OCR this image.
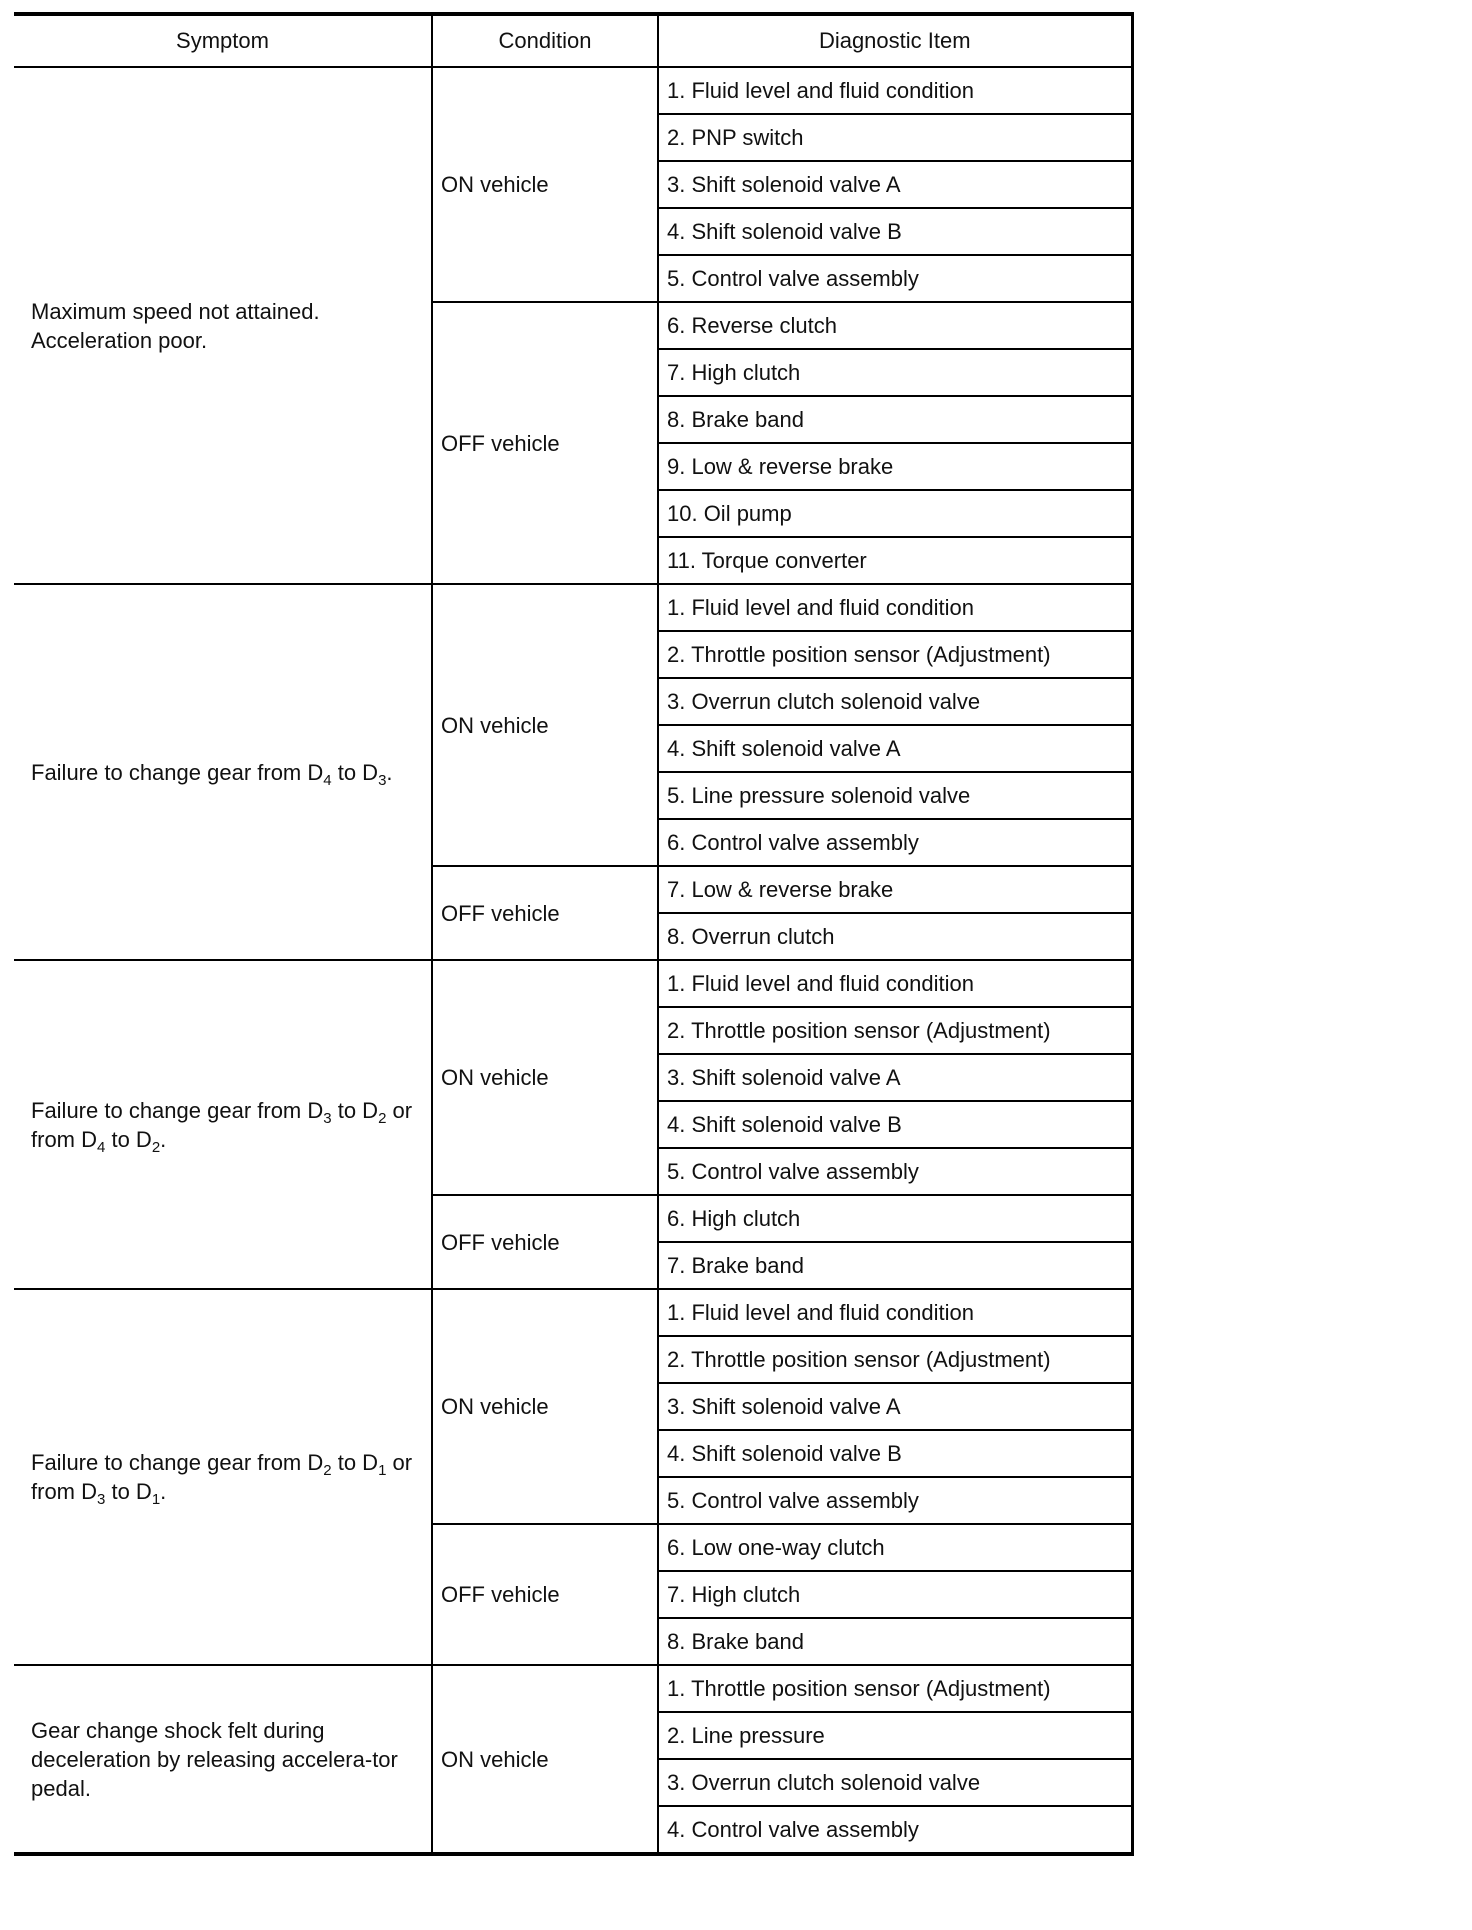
Symptom	Condition	Diagnostic Item
Maximum speed not attained.
Acceleration poor.	ON vehicle	1. Fluid level and fluid condition
		2. PNP switch
		3. Shift solenoid valve A
		4. Shift solenoid valve B
		5. Control valve assembly
	OFF vehicle	6. Reverse clutch
		7. High clutch
		8. Brake band
		9. Low & reverse brake
		10. Oil pump
		11. Torque converter
Failure to change gear from $D_4$ to $D_3$.	ON vehicle	1. Fluid level and fluid condition
		2. Throttle position sensor (Adjustment)
		3. Overrun clutch solenoid valve
		4. Shift solenoid valve A
		5. Line pressure solenoid valve
		6. Control valve assembly
	OFF vehicle	7. Low & reverse brake
		8. Overrun clutch
Failure to change gear from $D_3$ to $D_2$ or from $D_4$ to $D_2$.	ON vehicle	1. Fluid level and fluid condition
		2. Throttle position sensor (Adjustment)
		3. Shift solenoid valve A
		4. Shift solenoid valve B
		5. Control valve assembly
	OFF vehicle	6. High clutch
		7. Brake band
Failure to change gear from $D_2$ to $D_1$ or from $D_3$ to $D_1$.	ON vehicle	1. Fluid level and fluid condition
		2. Throttle position sensor (Adjustment)
		3. Shift solenoid valve A
		4. Shift solenoid valve B
		5. Control valve assembly
	OFF vehicle	6. Low one-way clutch
		7. High clutch
		8. Brake band
Gear change shock felt during deceleration by releasing accelera-tor pedal.	ON vehicle	1. Throttle position sensor (Adjustment)
		2. Line pressure
		3. Overrun clutch solenoid valve
		4. Control valve assembly
